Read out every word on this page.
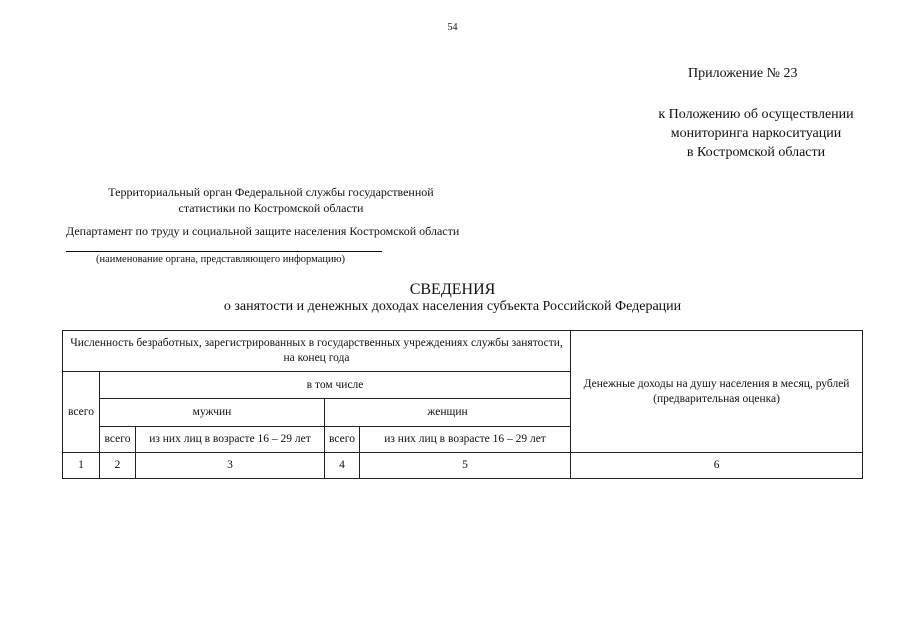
54
Приложение № 23
к Положению об осуществлении
мониторинга наркоситуации
в Костромской области
Территориальный орган Федеральной службы государственной
статистики по Костромской области
Департамент по труду и социальной защите населения Костромской области
(наименование органа, представляющего информацию)
СВЕДЕНИЯ
о занятости и денежных доходах населения субъекта Российской Федерации
Численность безработных, зарегистрированных в государственных учреждениях службы занятости, на конец года					Денежные доходы на душу населения в месяц, рублей (предварительная оценка)
всего	в том числе				
	мужчин		женщин		
	всего	из них лиц в возрасте 16 – 29 лет	всего	из них лиц в возрасте 16 – 29 лет	
1	2	3	4	5	6
